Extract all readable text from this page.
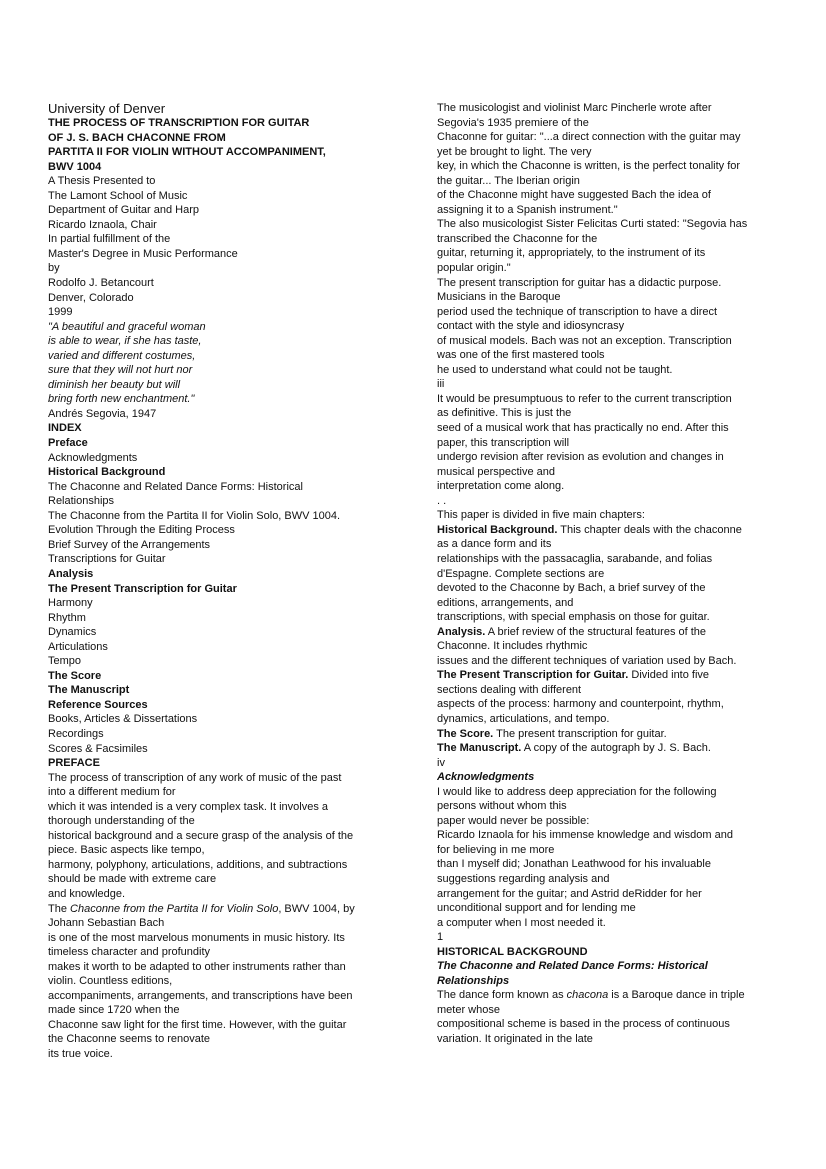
University of Denver
THE PROCESS OF TRANSCRIPTION FOR GUITAR
OF J. S. BACH CHACONNE FROM
PARTITA II FOR VIOLIN WITHOUT ACCOMPANIMENT,
BWV 1004
A Thesis Presented to
The Lamont School of Music
Department of Guitar and Harp
Ricardo Iznaola, Chair
In partial fulfillment of the
Master's Degree in Music Performance
by
Rodolfo J. Betancourt
Denver, Colorado
1999
"A beautiful and graceful woman
is able to wear, if she has taste,
varied and different costumes,
sure that they will not hurt nor
diminish her beauty but will
bring forth new enchantment."
Andrés Segovia, 1947
INDEX
Preface
Acknowledgments
Historical Background
The Chaconne and Related Dance Forms: Historical
Relationships
The Chaconne from the Partita II for Violin Solo, BWV 1004.
Evolution Through the Editing Process
Brief Survey of the Arrangements
Transcriptions for Guitar
Analysis
The Present Transcription for Guitar
Harmony
Rhythm
Dynamics
Articulations
Tempo
The Score
The Manuscript
Reference Sources
Books, Articles & Dissertations
Recordings
Scores & Facsimiles
PREFACE
The process of transcription of any work of music of the past
into a different medium for
which it was intended is a very complex task. It involves a
thorough understanding of the
historical background and a secure grasp of the analysis of the
piece. Basic aspects like tempo,
harmony, polyphony, articulations, additions, and subtractions
should be made with extreme care
and knowledge.
The Chaconne from the Partita II for Violin Solo, BWV 1004, by
Johann Sebastian Bach
is one of the most marvelous monuments in music history. Its
timeless character and profundity
makes it worth to be adapted to other instruments rather than
violin. Countless editions,
accompaniments, arrangements, and transcriptions have been
made since 1720 when the
Chaconne saw light for the first time. However, with the guitar
the Chaconne seems to renovate
its true voice.
The musicologist and violinist Marc Pincherle wrote after
Segovia's 1935 premiere of the
Chaconne for guitar: "...a direct connection with the guitar may
yet be brought to light. The very
key, in which the Chaconne is written, is the perfect tonality for
the guitar... The Iberian origin
of the Chaconne might have suggested Bach the idea of
assigning it to a Spanish instrument."
The also musicologist Sister Felicitas Curti stated: "Segovia has
transcribed the Chaconne for the
guitar, returning it, appropriately, to the instrument of its
popular origin."
The present transcription for guitar has a didactic purpose.
Musicians in the Baroque
period used the technique of transcription to have a direct
contact with the style and idiosyncrasy
of musical models. Bach was not an exception. Transcription
was one of the first mastered tools
he used to understand what could not be taught.
iii
It would be presumptuous to refer to the current transcription
as definitive. This is just the
seed of a musical work that has practically no end. After this
paper, this transcription will
undergo revision after revision as evolution and changes in
musical perspective and
interpretation come along.
. .
This paper is divided in five main chapters:
Historical Background. This chapter deals with the chaconne
as a dance form and its
relationships with the passacaglia, sarabande, and folias
d'Espagne. Complete sections are
devoted to the Chaconne by Bach, a brief survey of the
editions, arrangements, and
transcriptions, with special emphasis on those for guitar.
Analysis. A brief review of the structural features of the
Chaconne. It includes rhythmic
issues and the different techniques of variation used by Bach.
The Present Transcription for Guitar. Divided into five
sections dealing with different
aspects of the process: harmony and counterpoint, rhythm,
dynamics, articulations, and tempo.
The Score. The present transcription for guitar.
The Manuscript. A copy of the autograph by J. S. Bach.
iv
Acknowledgments
I would like to address deep appreciation for the following
persons without whom this
paper would never be possible:
Ricardo Iznaola for his immense knowledge and wisdom and
for believing in me more
than I myself did; Jonathan Leathwood for his invaluable
suggestions regarding analysis and
arrangement for the guitar; and Astrid deRidder for her
unconditional support and for lending me
a computer when I most needed it.
1
HISTORICAL BACKGROUND
The Chaconne and Related Dance Forms: Historical
Relationships
The dance form known as chacona is a Baroque dance in triple
meter whose
compositional scheme is based in the process of continuous
variation. It originated in the late
